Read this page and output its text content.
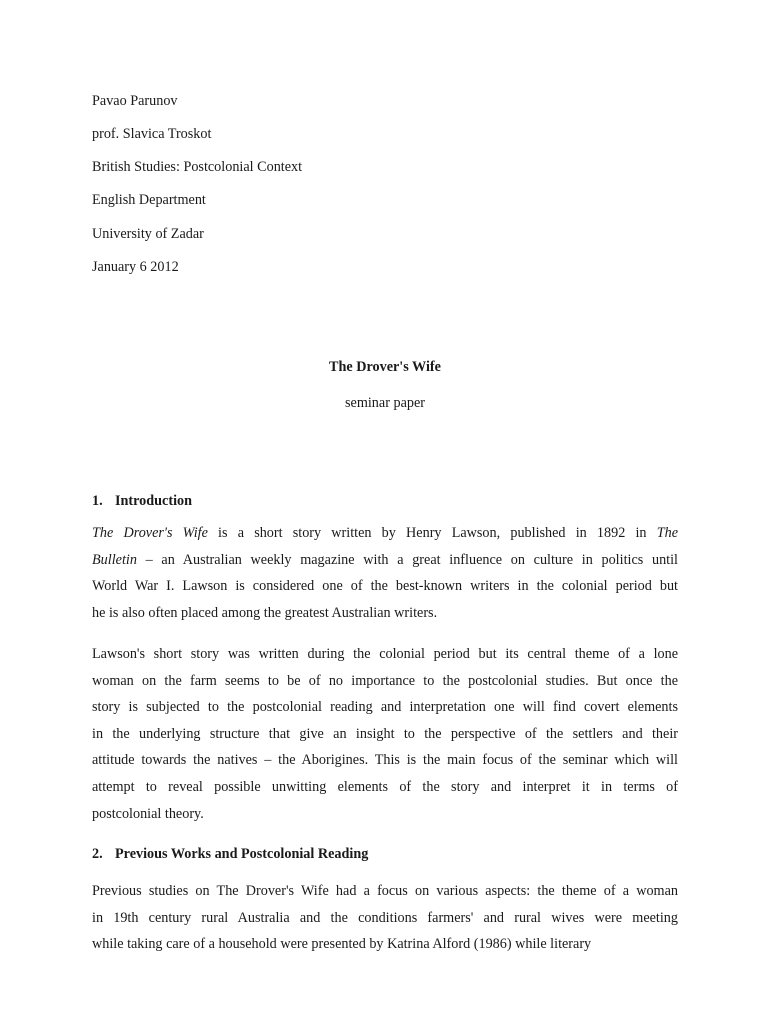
Pavao Parunov
prof. Slavica Troskot
British Studies: Postcolonial Context
English Department
University of Zadar
January 6 2012
The Drover's Wife
seminar paper
1. Introduction
The Drover's Wife is a short story written by Henry Lawson, published in 1892 in The
Bulletin – an Australian weekly magazine with a great influence on culture in politics until
World War I. Lawson is considered one of the best-known writers in the colonial period but
he is also often placed among the greatest Australian writers.
Lawson's short story was written during the colonial period but its central theme of a lone
woman on the farm seems to be of no importance to the postcolonial studies. But once the
story is subjected to the postcolonial reading and interpretation one will find covert elements
in the underlying structure that give an insight to the perspective of the settlers and their
attitude towards the natives – the Aborigines. This is the main focus of the seminar which will
attempt to reveal possible unwitting elements of the story and interpret it in terms of
postcolonial theory.
2. Previous Works and Postcolonial Reading
Previous studies on The Drover's Wife had a focus on various aspects: the theme of a woman
in 19th century rural Australia and the conditions farmers' and rural wives were meeting
while taking care of a household were presented by Katrina Alford (1986) while literary
